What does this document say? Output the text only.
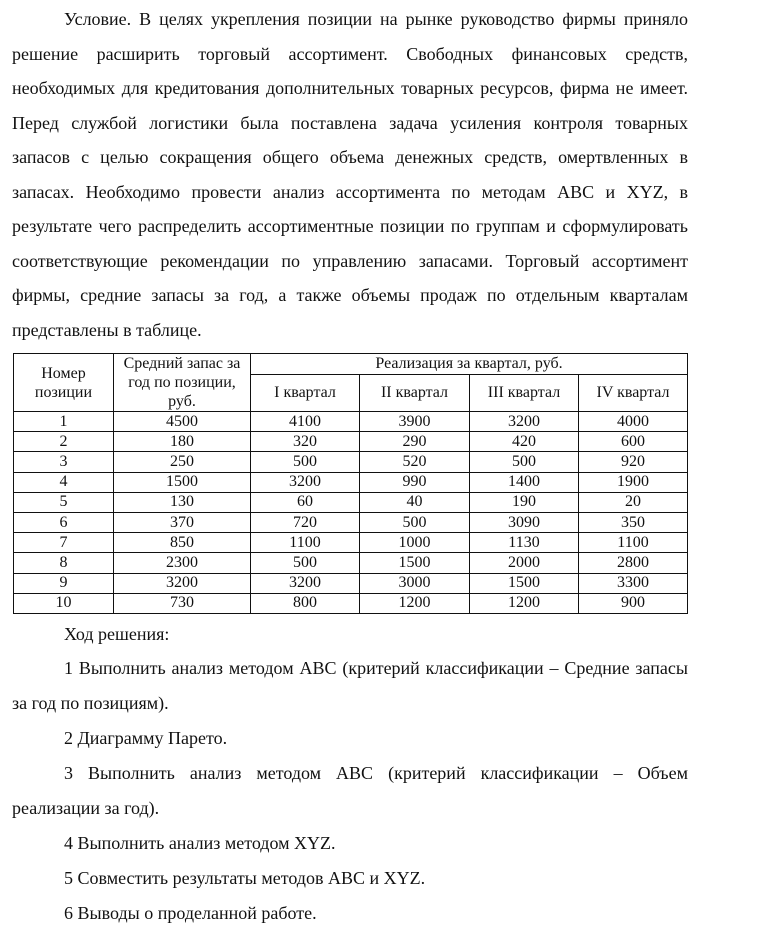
Условие. В целях укрепления позиции на рынке руководство фирмы приняло решение расширить торговый ассортимент. Свободных финансовых средств, необходимых для кредитования дополнительных товарных ресурсов, фирма не имеет. Перед службой логистики была поставлена задача усиления контроля товарных запасов с целью сокращения общего объема денежных средств, омертвленных в запасах. Необходимо провести анализ ассортимента по методам ABC и XYZ, в результате чего распределить ассортиментные позиции по группам и сформулировать соответствующие рекомендации по управлению запасами. Торговый ассортимент фирмы, средние запасы за год, а также объемы продаж по отдельным кварталам представлены в таблице.

Номер позиции	Средний запас за год по позиции, руб.	Реализация за квартал, руб.			
		I квартал	II квартал	III квартал	IV квартал
1	4500	4100	3900	3200	4000
2	180	320	290	420	600
3	250	500	520	500	920
4	1500	3200	990	1400	1900
5	130	60	40	190	20
6	370	720	500	3090	350
7	850	1100	1000	1130	1100
8	2300	500	1500	2000	2800
9	3200	3200	3000	1500	3300
10	730	800	1200	1200	900
Ход решения:

1 Выполнить анализ методом ABC (критерий классификации – Средние запасы за год по позициям).

2 Диаграмму Парето.

3 Выполнить анализ методом ABC (критерий классификации – Объем реализации за год).

4 Выполнить анализ методом XYZ.

5 Совместить результаты методов ABC и XYZ.

6 Выводы о проделанной работе.
